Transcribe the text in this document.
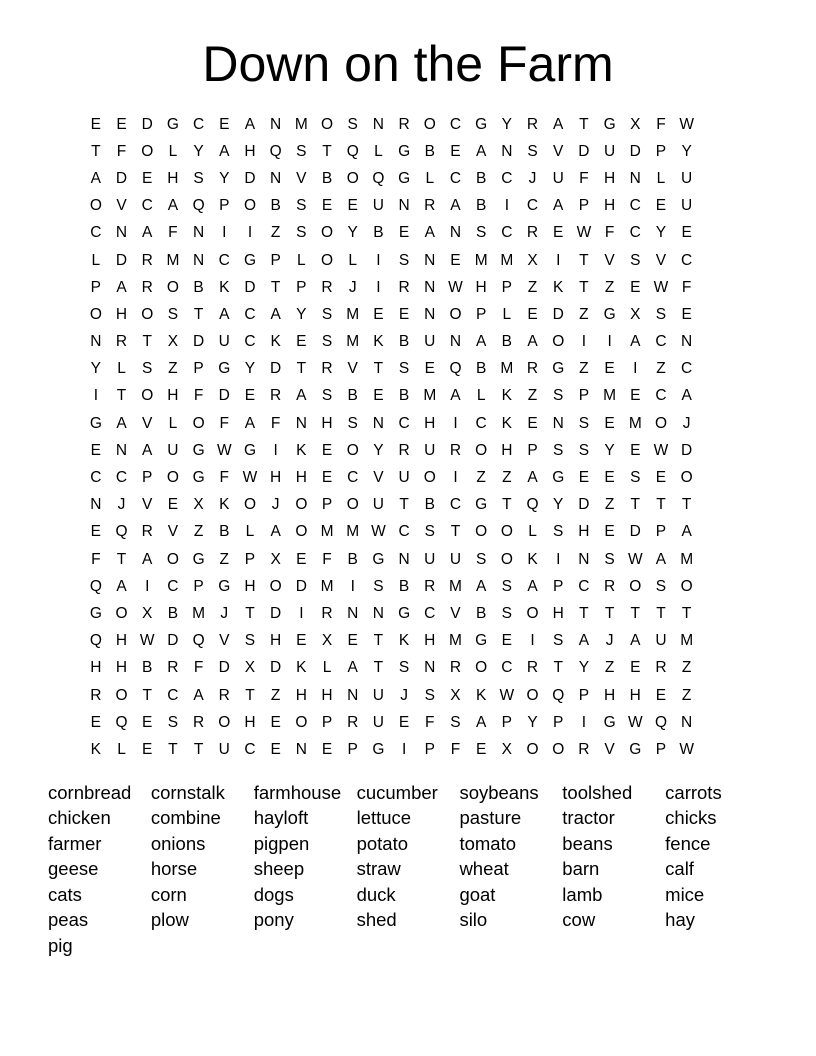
Down on the Farm
E E D G C E A N M O S N R O C G Y R A	T G X	F W
T	F O L	Y A H Q S	T Q L G B E A N S V D U D P Y
A D E H S Y D N V B O Q G L	C B C	J	U F H N	L	U
O V C A Q P O B S E E U N R A B	I	C A P H C E U
C N A	F N	I	I	Z	S O Y B E A N S C R E W F C Y E
L	D R M N C G P	L O L	I	S N E M M X	I	T	V S V C
P A R O B K D T	P R	J	I	R N W H P	Z	K	T	Z	E W F
O H O S	T	A C A Y S M E E N O P	L	E D Z G X S E
N R T	X D U C K E S M K B U N A B A O	I	I	A C N
Y	L	S	Z	P G Y D T R V	T	S E Q B M R G Z	E	I	Z C
I	T O H F D E R A S B E B M A	L	K	Z	S P M E C A
G A V	L O F	A	F N H S N C H	I	C K E N S E M O	J
E N A U G W G	I	K E O Y R U R O H P S S Y E W D
C C P O G F W H H E C V U O	I	Z	Z	A G E E S E O
N	J	V E X K O	J	O P O U T	B C G T Q Y D Z	T	T	T
E Q R V	Z	B	L	A O M M W C S	T O O L	S H E D P A
F	T	A O G Z	P X E	F	B G N U U S O K	I	N S W A M
Q A	I	C P G H O D M	I	S B R M A S A P C R O S O
G O X B M J	T D	I	R N N G C V B S O H T	T	T	T	T
Q H W D Q V S H E X E	T	K H M G E	I	S A	J	A U M
H H B R F D X D K	L	A	T	S N R O C R T	Y	Z	E R Z
R O T C A R T	Z H H N U	J	S X K W O Q P H H E	Z
E Q E S R O H E O P R U E	F	S A P Y P	I	G W Q N
K	L	E	T	T U C E N E P G	I	P	F	E X O O R V G P W
cornbread	cornstalk	farmhouse cucumber	soybeans	toolshed	carrots
chicken	combine	hayloft	lettuce	pasture	tractor	chicks
farmer	onions	pigpen	potato	tomato	beans	fence
geese	horse	sheep	straw	wheat	barn	calf
cats	corn	dogs	duck	goat	lamb	mice
peas	plow	pony	shed	silo	cow	hay
pig
